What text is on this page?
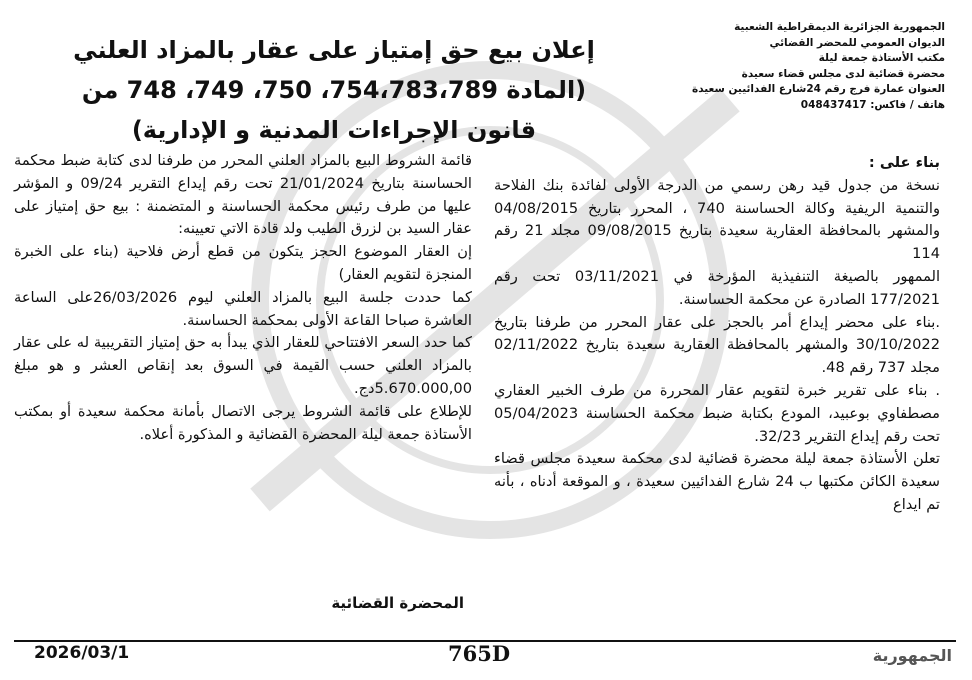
الجمهورية الجزائرية الديمقراطية الشعبية
الديوان العمومي للمحضر القضائي
مكتب الأستاذة جمعة ليلة
محضرة قضائية لدى مجلس قضاء سعيدة
العنوان عمارة فرج رقم 24شارع الفدائيين سعيدة
هاتف / فاكس: 048437417
إعلان بيع حق إمتياز على عقار بالمزاد العلني
(المادة 754،783،789، 750، 749، 748 من
قانون الإجراءات المدنية و الإدارية)

بناء على :

نسخة من جدول قيد رهن رسمي من الدرجة الأولى لفائدة بنك الفلاحة والتنمية الريفية وكالة الحساسنة 740 ، المحرر بتاريخ 04/08/2015 والمشهر بالمحافظة العقارية سعيدة بتاريخ 09/08/2015 مجلد 21 رقم 114

الممهور بالصيغة التنفيذية المؤرخة في 03/11/2021 تحت رقم 177/2021 الصادرة عن محكمة الحساسنة.

.بناء على محضر إيداع أمر بالحجز على عقار المحرر من طرفنا بتاريخ 30/10/2022 والمشهر بالمحافظة العقارية سعيدة بتاريخ 02/11/2022 مجلد 737 رقم 48.

. بناء على تقرير خبرة لتقويم عقار المحررة من طرف الخبير العقاري مصطفاوي بوعبيد، المودع بكتابة ضبط محكمة الحساسنة 05/04/2023 تحت رقم إيداع التقرير 32/23.

تعلن الأستاذة جمعة ليلة محضرة قضائية لدى محكمة سعيدة مجلس قضاء سعيدة الكائن مكتبها ب 24 شارع الفدائيين سعيدة ، و الموقعة أدناه ، بأنه تم ايداع

قائمة الشروط البيع بالمزاد العلني المحرر من طرفنا لدى كتابة ضبط محكمة الحساسنة بتاريخ 21/01/2024 تحت رقم إيداع التقرير 09/24 و المؤشر عليها من طرف رئيس محكمة الحساسنة و المتضمنة : بيع حق إمتياز على عقار السيد بن لزرق الطيب ولد قادة الاتي تعيينه:

إن العقار الموضوع الحجز يتكون من قطع أرض فلاحية (بناء على الخبرة المنجزة لتقويم العقار)

كما حددت جلسة البيع بالمزاد العلني ليوم 26/03/2026على الساعة العاشرة صباحا القاعة الأولى بمحكمة الحساسنة.

كما حدد السعر الافتتاحي للعقار الذي يبدأ به حق إمتياز التقريبية له على عقار بالمزاد العلني حسب القيمة في السوق بعد إنقاص العشر و هو مبلغ 5.670.000,00دج.

للإطلاع على قائمة الشروط يرجى الاتصال بأمانة محكمة سعيدة أو بمكتب الأستاذة جمعة ليلة المحضرة القضائية و المذكورة أعلاه.

المحضرة القضائية
2026/03/1	765D	الجمهورية
